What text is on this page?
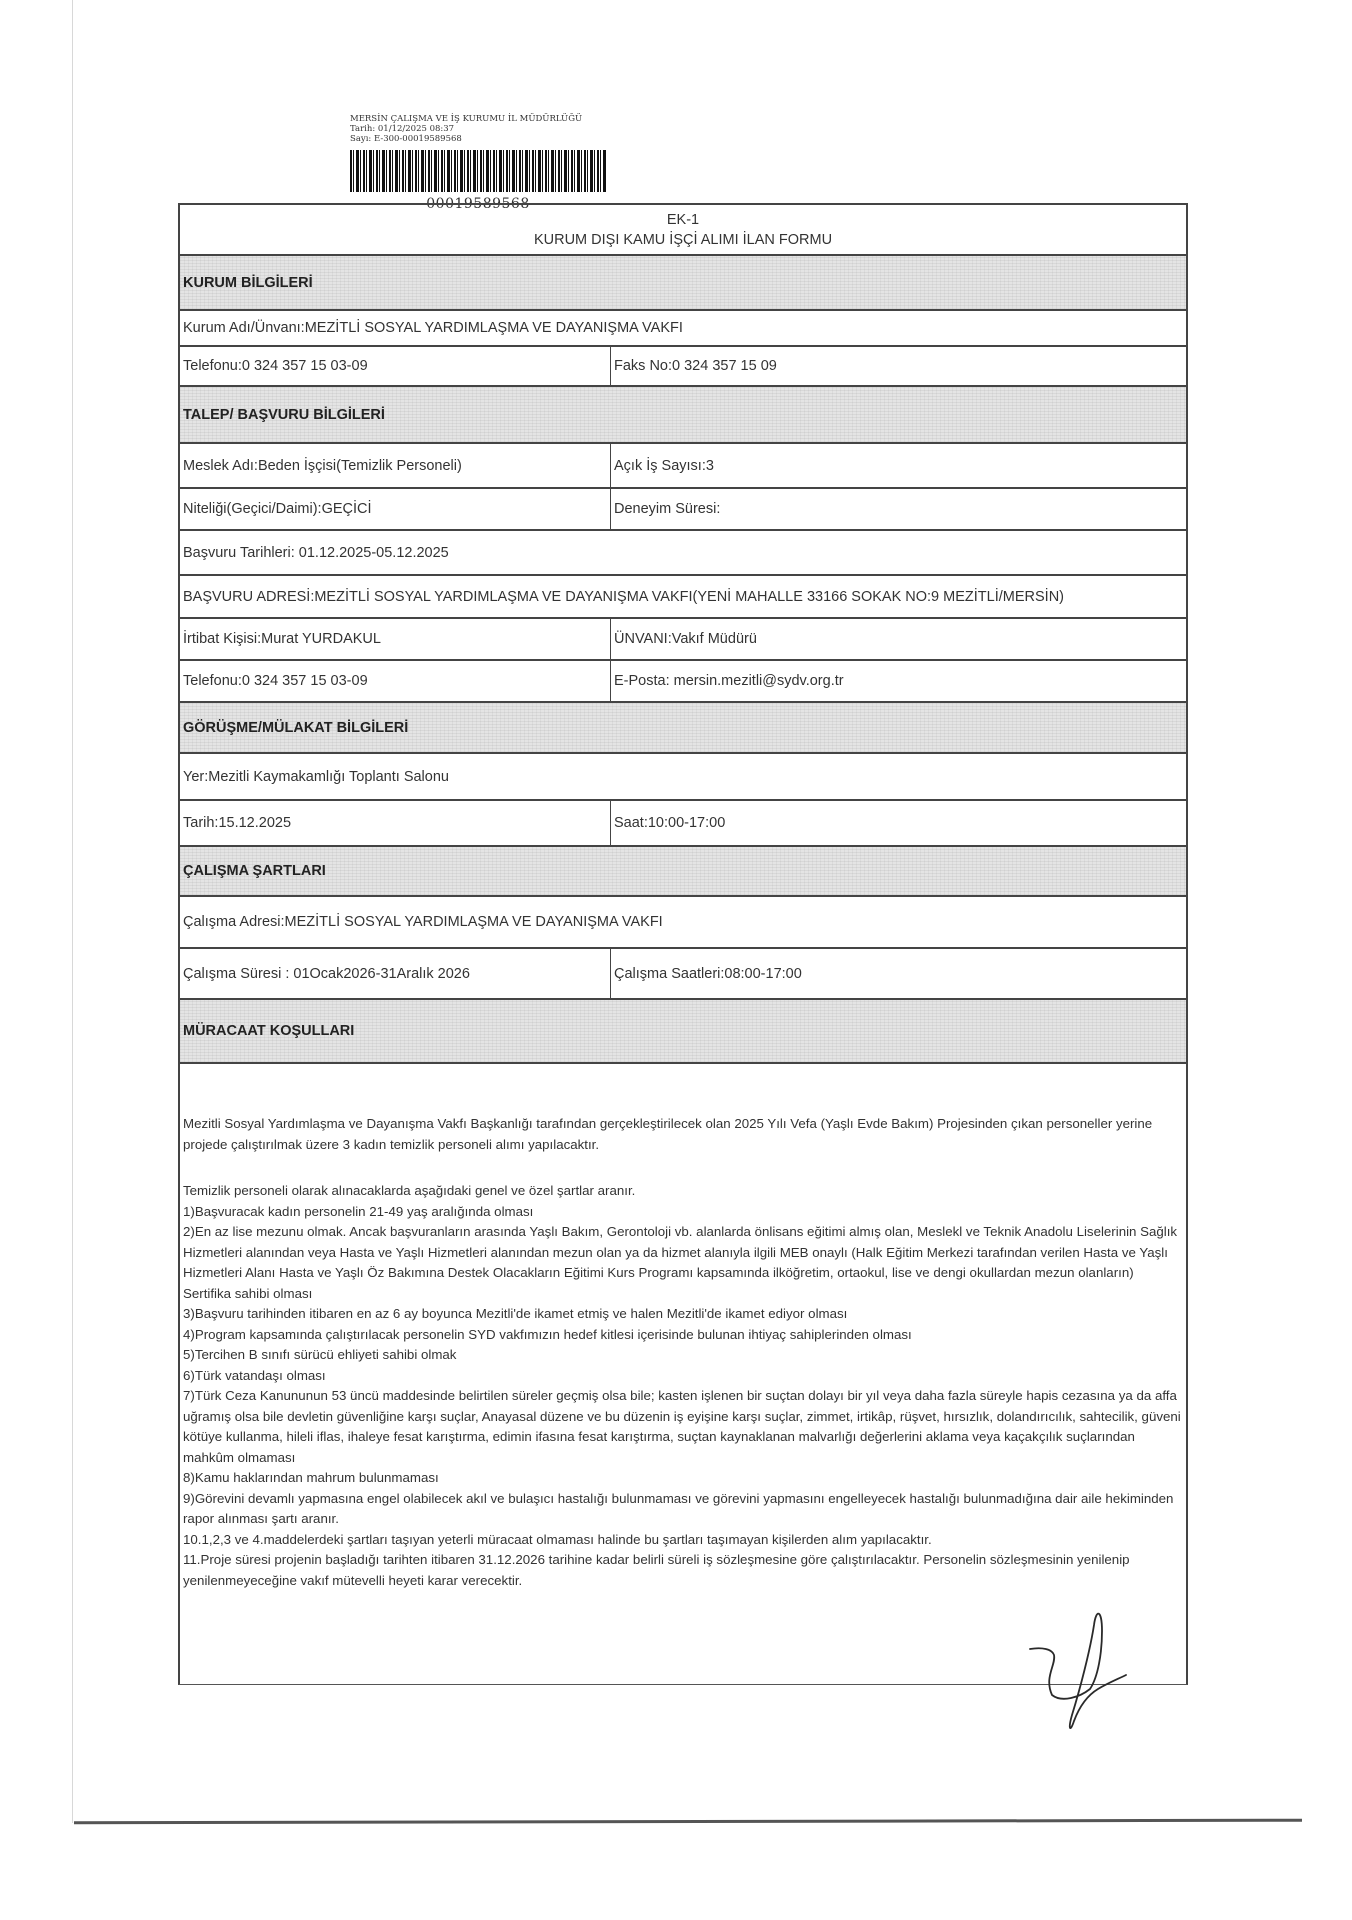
MERSİN ÇALIŞMA VE İŞ KURUMU İL MÜDÜRLÜĞÜ
Tarih: 01/12/2025 08:37
Sayı: E-300-00019589568
00019589568
EK-1
KURUM DIŞI KAMU İŞÇİ ALIMI İLAN FORMU
KURUM BİLGİLERİ
Kurum Adı/Ünvanı:MEZİTLİ SOSYAL YARDIMLAŞMA VE DAYANIŞMA VAKFI
Telefonu:0 324 357 15 03-09	Faks No:0 324 357 15 09
TALEP/ BAŞVURU BİLGİLERİ
Meslek Adı:Beden İşçisi(Temizlik Personeli)	Açık İş Sayısı:3
Niteliği(Geçici/Daimi):GEÇİCİ	Deneyim Süresi:
Başvuru Tarihleri: 01.12.2025-05.12.2025
BAŞVURU ADRESİ:MEZİTLİ SOSYAL YARDIMLAŞMA VE DAYANIŞMA VAKFI(YENİ MAHALLE 33166 SOKAK NO:9 MEZİTLİ/MERSİN)
İrtibat Kişisi:Murat YURDAKUL	ÜNVANI:Vakıf Müdürü
Telefonu:0 324 357 15 03-09	E-Posta: mersin.mezitli@sydv.org.tr
GÖRÜŞME/MÜLAKAT BİLGİLERİ
Yer:Mezitli Kaymakamlığı Toplantı Salonu
Tarih:15.12.2025	Saat:10:00-17:00
ÇALIŞMA ŞARTLARI
Çalışma Adresi:MEZİTLİ SOSYAL YARDIMLAŞMA VE DAYANIŞMA VAKFI
Çalışma Süresi : 01Ocak2026-31Aralık 2026	Çalışma Saatleri:08:00-17:00
MÜRACAAT KOŞULLARI

Mezitli Sosyal Yardımlaşma ve Dayanışma Vakfı Başkanlığı tarafından gerçekleştirilecek olan 2025 Yılı Vefa (Yaşlı Evde Bakım) Projesinden çıkan personeller yerine projede çalıştırılmak üzere 3 kadın temizlik personeli alımı yapılacaktır.

Temizlik personeli olarak alınacaklarda aşağıdaki genel ve özel şartlar aranır.

1)Başvuracak kadın personelin 21-49 yaş aralığında olması

2)En az lise mezunu olmak. Ancak başvuranların arasında Yaşlı Bakım, Gerontoloji vb. alanlarda önlisans eğitimi almış olan, Meslekl ve Teknik Anadolu Liselerinin Sağlık Hizmetleri alanından veya Hasta ve Yaşlı Hizmetleri alanından mezun olan ya da hizmet alanıyla ilgili MEB onaylı (Halk Eğitim Merkezi tarafından verilen Hasta ve Yaşlı Hizmetleri Alanı Hasta ve Yaşlı Öz Bakımına Destek Olacakların Eğitimi Kurs Programı kapsamında ilköğretim, ortaokul, lise ve dengi okullardan mezun olanların) Sertifika sahibi olması

3)Başvuru tarihinden itibaren en az 6 ay boyunca Mezitli'de ikamet etmiş ve halen Mezitli'de ikamet ediyor olması

4)Program kapsamında çalıştırılacak personelin SYD vakfımızın hedef kitlesi içerisinde bulunan ihtiyaç sahiplerinden olması

5)Tercihen B sınıfı sürücü ehliyeti sahibi olmak

6)Türk vatandaşı olması

7)Türk Ceza Kanununun 53 üncü maddesinde belirtilen süreler geçmiş olsa bile; kasten işlenen bir suçtan dolayı bir yıl veya daha fazla süreyle hapis cezasına ya da affa uğramış olsa bile devletin güvenliğine karşı suçlar, Anayasal düzene ve bu düzenin iş eyişine karşı suçlar, zimmet, irtikâp, rüşvet, hırsızlık, dolandırıcılık, sahtecilik, güveni kötüye kullanma, hileli iflas, ihaleye fesat karıştırma, edimin ifasına fesat karıştırma, suçtan kaynaklanan malvarlığı değerlerini aklama veya kaçakçılık suçlarından mahkûm olmaması

8)Kamu haklarından mahrum bulunmaması

9)Görevini devamlı yapmasına engel olabilecek akıl ve bulaşıcı hastalığı bulunmaması ve görevini yapmasını engelleyecek hastalığı bulunmadığına dair aile hekiminden rapor alınması şartı aranır.

10.1,2,3 ve 4.maddelerdeki şartları taşıyan yeterli müracaat olmaması halinde bu şartları taşımayan kişilerden alım yapılacaktır.

11.Proje süresi projenin başladığı tarihten itibaren 31.12.2026 tarihine kadar belirli süreli iş sözleşmesine göre çalıştırılacaktır. Personelin sözleşmesinin yenilenip yenilenmeyeceğine vakıf mütevelli heyeti karar verecektir.
